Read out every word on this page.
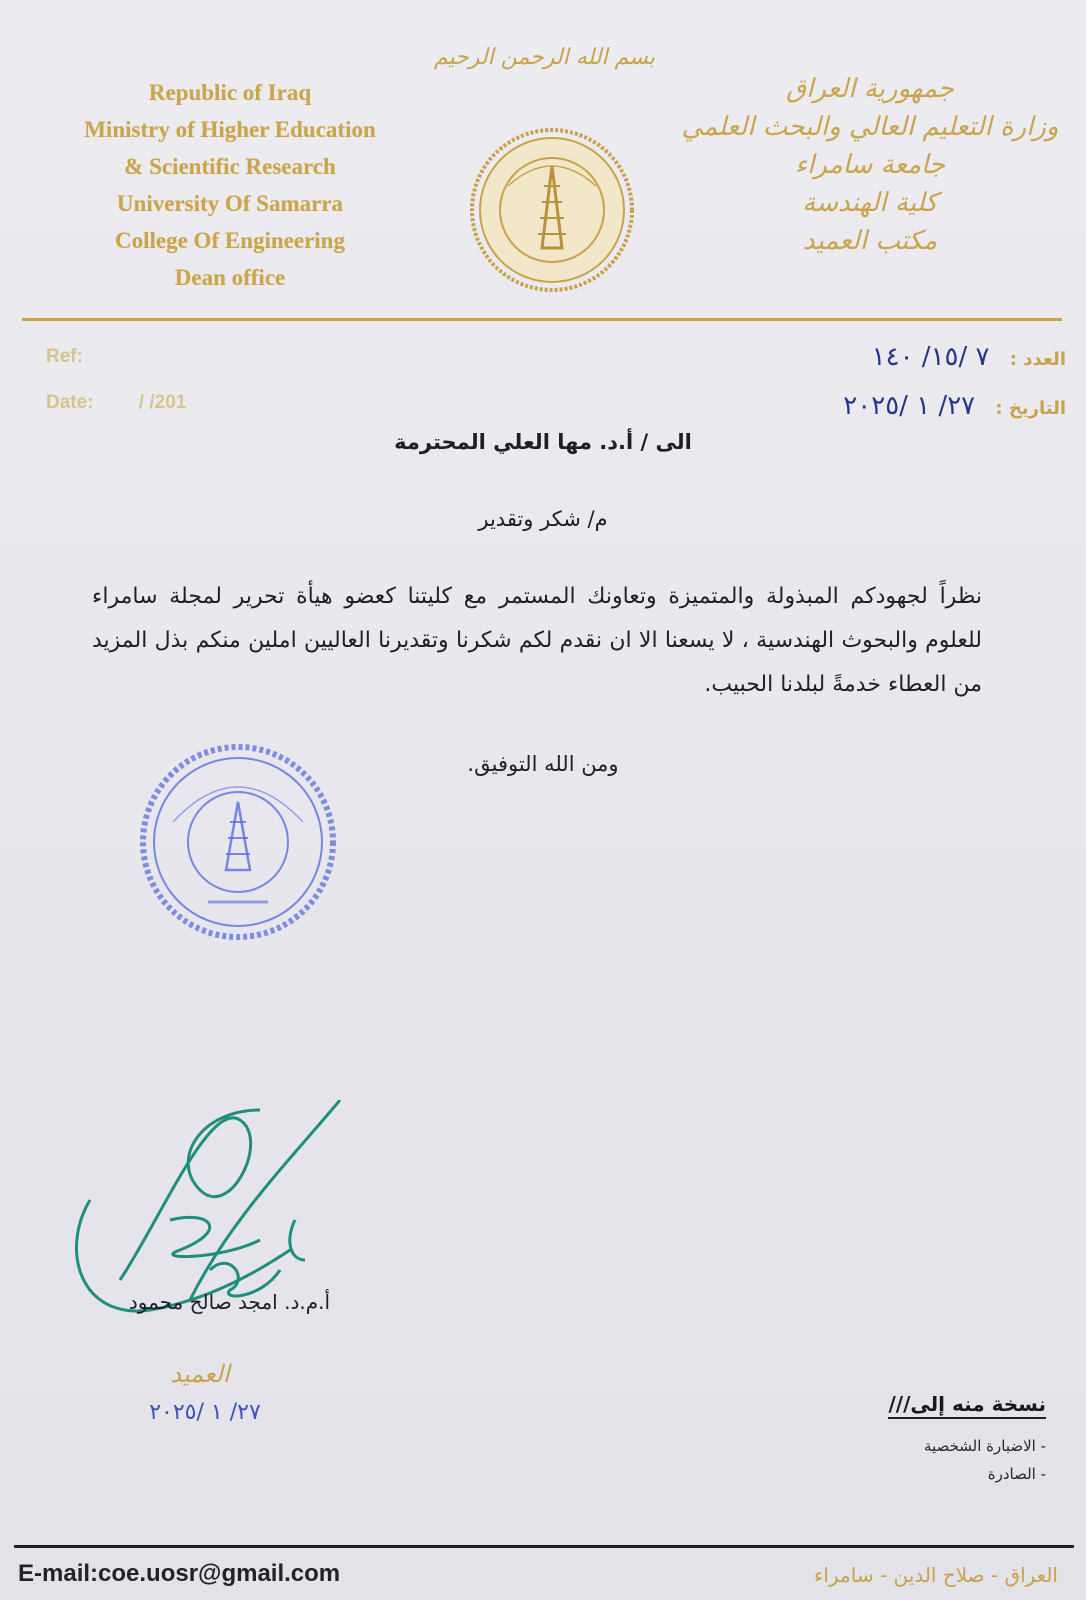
Republic of Iraq
Ministry of Higher Education
& Scientific Research
University Of Samarra
College Of Engineering
Dean office
بسم الله الرحمن الرحيم
جمهورية العراق
وزارة التعليم العالي والبحث العلمي
جامعة سامراء
كلية الهندسة
مكتب العميد
Ref:
Date: / /201
العدد : ٧ /١٥/ ١٤٠
التاريخ : ٢٧/ ١ /٢٠٢٥
الى / أ.د. مها العلي المحترمة
م/ شكر وتقدير
نظراً لجهودكم المبذولة والمتميزة وتعاونك المستمر مع كليتنا كعضو هيأة تحرير لمجلة سامراء للعلوم والبحوث الهندسية ، لا يسعنا الا ان نقدم لكم شكرنا وتقديرنا العاليين املين منكم بذل المزيد من العطاء خدمةً لبلدنا الحبيب.
ومن الله التوفيق.
أ.م.د. امجد صالح محمود
العميد
٢٧/ ١ /٢٠٢٥	نسخة منه إلى///
- الاضبارة الشخصية
- الصادرة
E-mail:coe.uosr@gmail.com	العراق - صلاح الدين - سامراء
